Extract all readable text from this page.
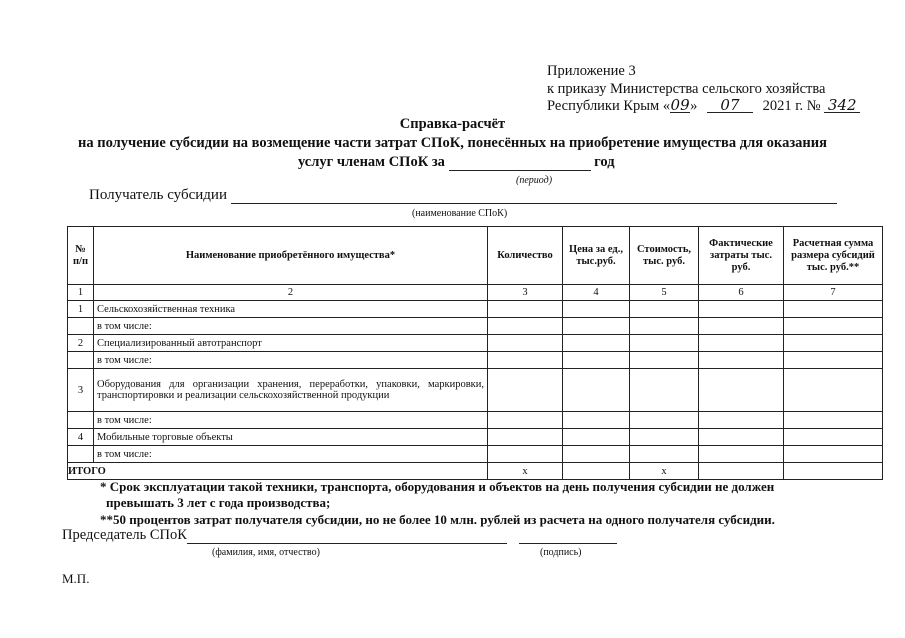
Приложение 3
к приказу Министерства сельского хозяйства
Республики Крым «09» 07 2021 г. № 342
Справка-расчёт
на получение субсидии на возмещение части затрат СПоК, понесённых на приобретение имущества для оказания
услуг членам СПоК за	год
(период)
Получатель субсидии
(наименование СПоК)
№ п/п	Наименование приобретённого имущества*	Количество	Цена за ед., тыс.руб.	Стоимость, тыс. руб.	Фактические затраты тыс. руб.	Расчетная сумма размера субсидий тыс. руб.**
1	2	3	4	5	6	7
1	Сельскохозяйственная техника					
	в том числе:					
2	Специализированный автотранспорт					
	в том числе:					
3	Оборудования для организации хранения, переработки, упаковки, маркировки, транспортировки и реализации сельскохозяйственной продукции					
	в том числе:					
4	Мобильные торговые объекты					
	в том числе:					
ИТОГО		x		x		
* Срок эксплуатации такой техники, транспорта, оборудования и объектов на день получения субсидии не должен
превышать 3 лет с года производства;
**50 процентов затрат получателя субсидии, но не более 10 млн. рублей из расчета на одного получателя субсидии.
Председатель СПоК
(фамилия, имя, отчество)	(подпись)
М.П.
